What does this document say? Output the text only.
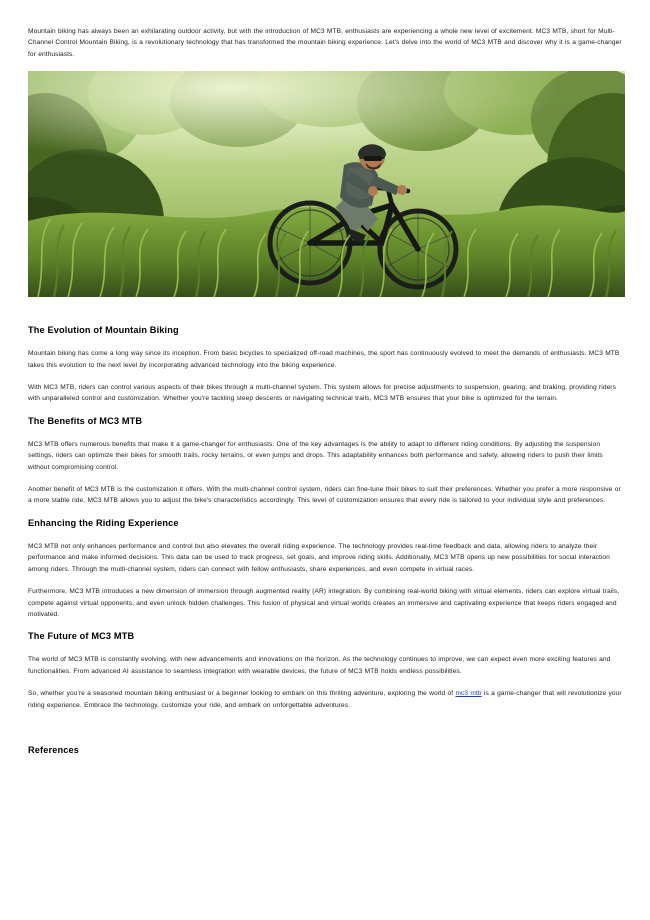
Mountain biking has always been an exhilarating outdoor activity, but with the introduction of MC3 MTB, enthusiasts are experiencing a whole new level of excitement. MC3 MTB, short for Multi-Channel Control Mountain Biking, is a revolutionary technology that has transformed the mountain biking experience. Let's delve into the world of MC3 MTB and discover why it is a game-changer for enthusiasts.

The Evolution of Mountain Biking

Mountain biking has come a long way since its inception. From basic bicycles to specialized off-road machines, the sport has continuously evolved to meet the demands of enthusiasts. MC3 MTB takes this evolution to the next level by incorporating advanced technology into the biking experience.

With MC3 MTB, riders can control various aspects of their bikes through a multi-channel system. This system allows for precise adjustments to suspension, gearing, and braking, providing riders with unparalleled control and customization. Whether you're tackling steep descents or navigating technical trails, MC3 MTB ensures that your bike is optimized for the terrain.

The Benefits of MC3 MTB

MC3 MTB offers numerous benefits that make it a game-changer for enthusiasts. One of the key advantages is the ability to adapt to different riding conditions. By adjusting the suspension settings, riders can optimize their bikes for smooth trails, rocky terrains, or even jumps and drops. This adaptability enhances both performance and safety, allowing riders to push their limits without compromising control.

Another benefit of MC3 MTB is the customization it offers. With the multi-channel control system, riders can fine-tune their bikes to suit their preferences. Whether you prefer a more responsive or a more stable ride, MC3 MTB allows you to adjust the bike's characteristics accordingly. This level of customization ensures that every ride is tailored to your individual style and preferences.

Enhancing the Riding Experience

MC3 MTB not only enhances performance and control but also elevates the overall riding experience. The technology provides real-time feedback and data, allowing riders to analyze their performance and make informed decisions. This data can be used to track progress, set goals, and improve riding skills. Additionally, MC3 MTB opens up new possibilities for social interaction among riders. Through the multi-channel system, riders can connect with fellow enthusiasts, share experiences, and even compete in virtual races.

Furthermore, MC3 MTB introduces a new dimension of immersion through augmented reality (AR) integration. By combining real-world biking with virtual elements, riders can explore virtual trails, compete against virtual opponents, and even unlock hidden challenges. This fusion of physical and virtual worlds creates an immersive and captivating experience that keeps riders engaged and motivated.

The Future of MC3 MTB

The world of MC3 MTB is constantly evolving, with new advancements and innovations on the horizon. As the technology continues to improve, we can expect even more exciting features and functionalities. From advanced AI assistance to seamless integration with wearable devices, the future of MC3 MTB holds endless possibilities.

So, whether you're a seasoned mountain biking enthusiast or a beginner looking to embark on this thrilling adventure, exploring the world of mc3 mtb is a game-changer that will revolutionize your riding experience. Embrace the technology, customize your ride, and embark on unforgettable adventures.

References
